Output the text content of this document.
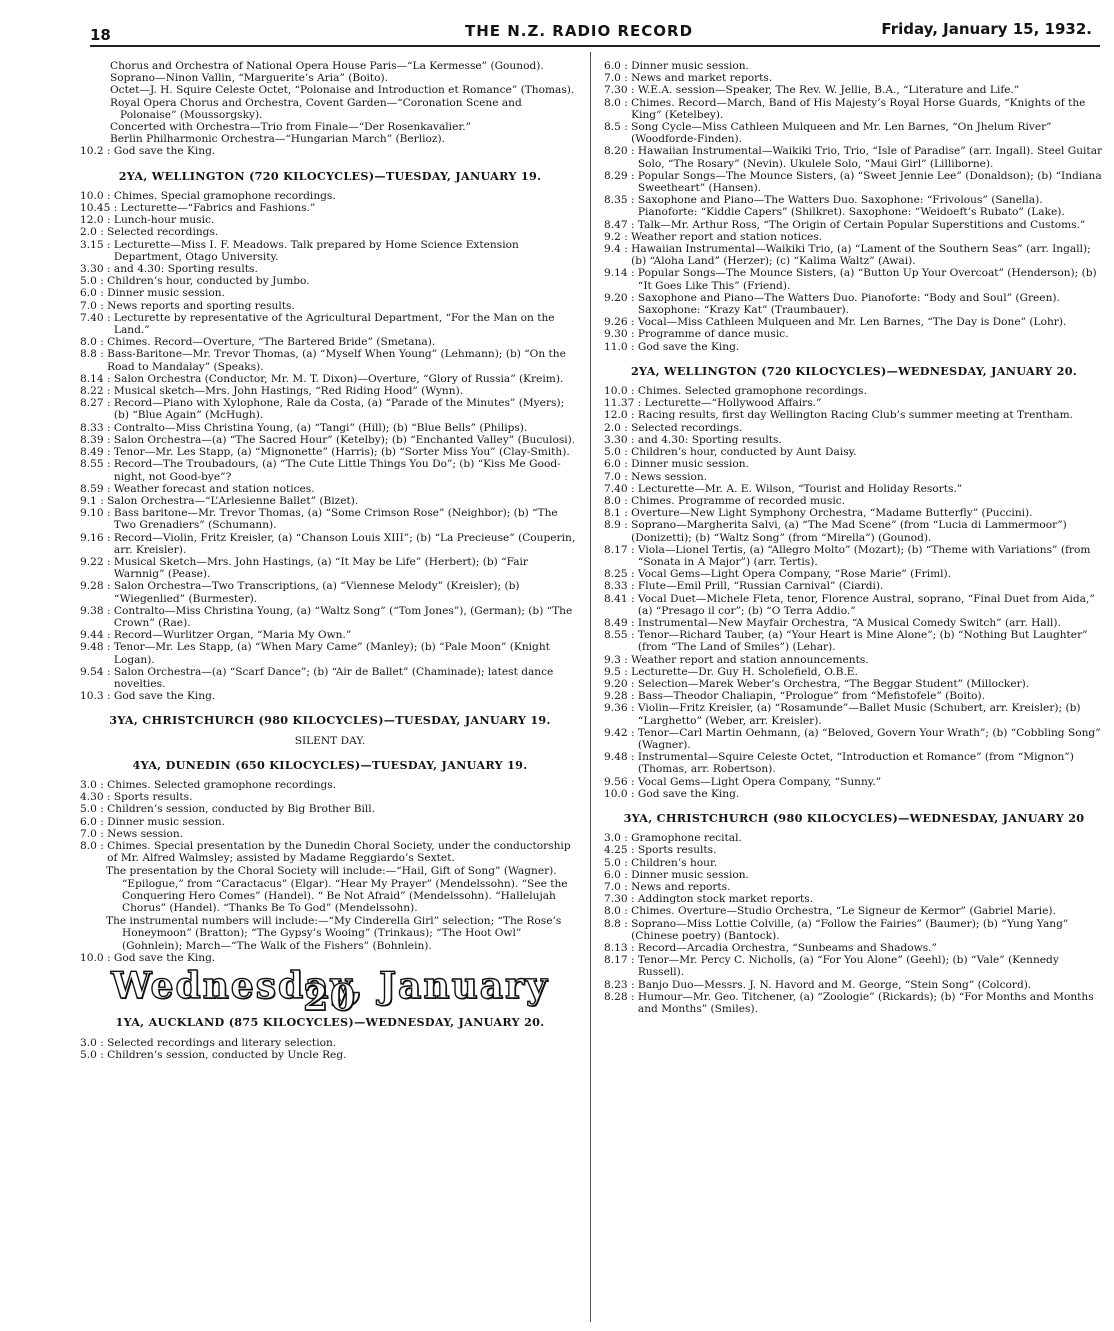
18	THE N.Z. RADIO RECORD	Friday, January 15, 1932.
Chorus and Orchestra of National Opera House Paris—“La Kermesse” (Gounod).
Soprano—Ninon Vallin, “Marguerite’s Aria” (Boito).
Octet—J. H. Squire Celeste Octet, “Polonaise and Introduction et Romance” (Thomas).
Royal Opera Chorus and Orchestra, Covent Garden—“Coronation Scene and Polonaise” (Moussorgsky).
Concerted with Orchestra—Trio from Finale—“Der Rosenkavalier.”
Berlin Philharmonic Orchestra—“Hungarian March” (Berlioz).
10.2 : God save the King.
2YA, WELLINGTON (720 KILOCYCLES)—TUESDAY, JANUARY 19.
10.0 : Chimes. Special gramophone recordings.
10.45 : Lecturette—“Fabrics and Fashions.”
12.0 : Lunch-hour music.
2.0 : Selected recordings.
3.15 : Lecturette—Miss I. F. Meadows. Talk prepared by Home Science Extension Department, Otago University.
3.30 : and 4.30: Sporting results.
5.0 : Children’s hour, conducted by Jumbo.
6.0 : Dinner music session.
7.0 : News reports and sporting results.
7.40 : Lecturette by representative of the Agricultural Department, “For the Man on the Land.”
8.0 : Chimes. Record—Overture, “The Bartered Bride” (Smetana).
8.8 : Bass-Baritone—Mr. Trevor Thomas, (a) “Myself When Young” (Lehmann); (b) “On the Road to Mandalay” (Speaks).
8.14 : Salon Orchestra (Conductor, Mr. M. T. Dixon)—Overture, “Glory of Russia” (Kreim).
8.22 : Musical sketch—Mrs. John Hastings, “Red Riding Hood” (Wynn).
8.27 : Record—Piano with Xylophone, Rale da Costa, (a) “Parade of the Minutes” (Myers); (b) “Blue Again” (McHugh).
8.33 : Contralto—Miss Christina Young, (a) “Tangi” (Hill); (b) “Blue Bells” (Philips).
8.39 : Salon Orchestra—(a) “The Sacred Hour” (Ketelby); (b) “Enchanted Valley” (Buculosi).
8.49 : Tenor—Mr. Les Stapp, (a) “Mignonette” (Harris); (b) “Sorter Miss You” (Clay-Smith).
8.55 : Record—The Troubadours, (a) “The Cute Little Things You Do”; (b) “Kiss Me Good-night, not Good-bye”?
8.59 : Weather forecast and station notices.
9.1 : Salon Orchestra—“L’Arlesienne Ballet” (Bizet).
9.10 : Bass baritone—Mr. Trevor Thomas, (a) “Some Crimson Rose” (Neighbor); (b) “The Two Grenadiers” (Schumann).
9.16 : Record—Violin, Fritz Kreisler, (a) “Chanson Louis XIII”; (b) “La Precieuse” (Couperin, arr. Kreisler).
9.22 : Musical Sketch—Mrs. John Hastings, (a) “It May be Life” (Herbert); (b) “Fair Warnnig” (Pease).
9.28 : Salon Orchestra—Two Transcriptions, (a) “Viennese Melody” (Kreisler); (b) “Wiegenlied” (Burmester).
9.38 : Contralto—Miss Christina Young, (a) “Waltz Song” (“Tom Jones”), (German); (b) “The Crown” (Rae).
9.44 : Record—Wurlitzer Organ, “Maria My Own.”
9.48 : Tenor—Mr. Les Stapp, (a) “When Mary Came” (Manley); (b) “Pale Moon” (Knight Logan).
9.54 : Salon Orchestra—(a) “Scarf Dance”; (b) “Air de Ballet” (Chaminade); latest dance novelties.
10.3 : God save the King.
3YA, CHRISTCHURCH (980 KILOCYCLES)—TUESDAY, JANUARY 19.
SILENT DAY.
4YA, DUNEDIN (650 KILOCYCLES)—TUESDAY, JANUARY 19.
3.0 : Chimes. Selected gramophone recordings.
4.30 : Sports results.
5.0 : Children’s session, conducted by Big Brother Bill.
6.0 : Dinner music session.
7.0 : News session.
8.0 : Chimes. Special presentation by the Dunedin Choral Society, under the conductorship of Mr. Alfred Walmsley; assisted by Madame Reggiardo’s Sextet.
The presentation by the Choral Society will include:—“Hail, Gift of Song” (Wagner). “Epilogue,” from “Caractacus” (Elgar). “Hear My Prayer” (Mendelssohn). “See the Conquering Hero Comes” (Handel). “ Be Not Afraid” (Mendelssohn). “Hallelujah Chorus” (Handel). “Thanks Be To God” (Mendelssohn).
The instrumental numbers will include:—“My Cinderella Girl” selection; “The Rose’s Honeymoon” (Bratton); “The Gypsy’s Wooing” (Trinkaus); “The Hoot Owl” (Gohnlein); March—“The Walk of the Fishers” (Bohnlein).
10.0 : God save the King.
Wednesday, January 20
1YA, AUCKLAND (875 KILOCYCLES)—WEDNESDAY, JANUARY 20.
3.0 : Selected recordings and literary selection.
5.0 : Children’s session, conducted by Uncle Reg.
6.0 : Dinner music session.
7.0 : News and market reports.
7.30 : W.E.A. session—Speaker, The Rev. W. Jellie, B.A., “Literature and Life.”
8.0 : Chimes. Record—March, Band of His Majesty’s Royal Horse Guards, “Knights of the King” (Ketelbey).
8.5 : Song Cycle—Miss Cathleen Mulqueen and Mr. Len Barnes, “On Jhelum River” (Woodforde-Finden).
8.20 : Hawaiian Instrumental—Waikiki Trio, Trio, “Isle of Paradise” (arr. Ingall). Steel Guitar Solo, “The Rosary” (Nevin). Ukulele Solo, “Maui Girl” (Lilliborne).
8.29 : Popular Songs—The Mounce Sisters, (a) “Sweet Jennie Lee” (Donaldson); (b) “Indiana Sweetheart” (Hansen).
8.35 : Saxophone and Piano—The Watters Duo. Saxophone: “Frivolous” (Sanella). Pianoforte: “Kiddie Capers” (Shilkret). Saxophone: “Weidoeft’s Rubato” (Lake).
8.47 : Talk—Mr. Arthur Ross, “The Origin of Certain Popular Superstitions and Customs.”
9.2 : Weather report and station notices.
9.4 : Hawaiian Instrumental—Waikiki Trio, (a) “Lament of the Southern Seas” (arr. Ingall); (b) “Aloha Land” (Herzer); (c) “Kalima Waltz” (Awai).
9.14 : Popular Songs—The Mounce Sisters, (a) “Button Up Your Overcoat” (Henderson); (b) “It Goes Like This” (Friend).
9.20 : Saxophone and Piano—The Watters Duo. Pianoforte: “Body and Soul” (Green). Saxophone: “Krazy Kat” (Traumbauer).
9.26 : Vocal—Miss Cathleen Mulqueen and Mr. Len Barnes, “The Day is Done” (Lohr).
9.30 : Programme of dance music.
11.0 : God save the King.
2YA, WELLINGTON (720 KILOCYCLES)—WEDNESDAY, JANUARY 20.
10.0 : Chimes. Selected gramophone recordings.
11.37 : Lecturette—“Hollywood Affairs.”
12.0 : Racing results, first day Wellington Racing Club’s summer meeting at Trentham.
2.0 : Selected recordings.
3.30 : and 4.30: Sporting results.
5.0 : Children’s hour, conducted by Aunt Daisy.
6.0 : Dinner music session.
7.0 : News session.
7.40 : Lecturette—Mr. A. E. Wilson, “Tourist and Holiday Resorts.”
8.0 : Chimes. Programme of recorded music.
8.1 : Overture—New Light Symphony Orchestra, “Madame Butterfly” (Puccini).
8.9 : Soprano—Margherita Salvi, (a) “The Mad Scene” (from “Lucia di Lammermoor”) (Donizetti); (b) “Waltz Song” (from “Mirella”) (Gounod).
8.17 : Viola—Lionel Tertis, (a) “Allegro Molto” (Mozart); (b) “Theme with Variations” (from “Sonata in A Major”) (arr. Tertis).
8.25 : Vocal Gems—Light Opera Company, “Rose Marie” (Friml).
8.33 : Flute—Emil Prill, “Russian Carnival” (Ciardi).
8.41 : Vocal Duet—Michele Fleta, tenor, Florence Austral, soprano, “Final Duet from Aida,” (a) “Presago il cor”; (b) “O Terra Addio.”
8.49 : Instrumental—New Mayfair Orchestra, “A Musical Comedy Switch” (arr. Hall).
8.55 : Tenor—Richard Tauber, (a) “Your Heart is Mine Alone”; (b) “Nothing But Laughter” (from “The Land of Smiles”) (Lehar).
9.3 : Weather report and station announcements.
9.5 : Lecturette—Dr. Guy H. Scholefield, O.B.E.
9.20 : Selection—Marek Weber’s Orchestra, “The Beggar Student” (Millocker).
9.28 : Bass—Theodor Chaliapin, “Prologue” from “Mefistofele” (Boito).
9.36 : Violin—Fritz Kreisler, (a) “Rosamunde”—Ballet Music (Schubert, arr. Kreisler); (b) “Larghetto” (Weber, arr. Kreisler).
9.42 : Tenor—Carl Martin Oehmann, (a) “Beloved, Govern Your Wrath”; (b) “Cobbling Song” (Wagner).
9.48 : Instrumental—Squire Celeste Octet, “Introduction et Romance” (from “Mignon”) (Thomas, arr. Robertson).
9.56 : Vocal Gems—Light Opera Company, “Sunny.”
10.0 : God save the King.
3YA, CHRISTCHURCH (980 KILOCYCLES)—WEDNESDAY, JANUARY 20
3.0 : Gramophone recital.
4.25 : Sports results.
5.0 : Children’s hour.
6.0 : Dinner music session.
7.0 : News and reports.
7.30 : Addington stock market reports.
8.0 : Chimes. Overture—Studio Orchestra, “Le Signeur de Kermor” (Gabriel Marie).
8.8 : Soprano—Miss Lottie Colville, (a) “Follow the Fairies” (Baumer); (b) “Yung Yang” (Chinese poetry) (Bantock).
8.13 : Record—Arcadia Orchestra, “Sunbeams and Shadows.”
8.17 : Tenor—Mr. Percy C. Nicholls, (a) “For You Alone” (Geehl); (b) “Vale” (Kennedy Russell).
8.23 : Banjo Duo—Messrs. J. N. Havord and M. George, “Stein Song” (Colcord).
8.28 : Humour—Mr. Geo. Titchener, (a) “Zoologie” (Rickards); (b) “For Months and Months and Months” (Smiles).
